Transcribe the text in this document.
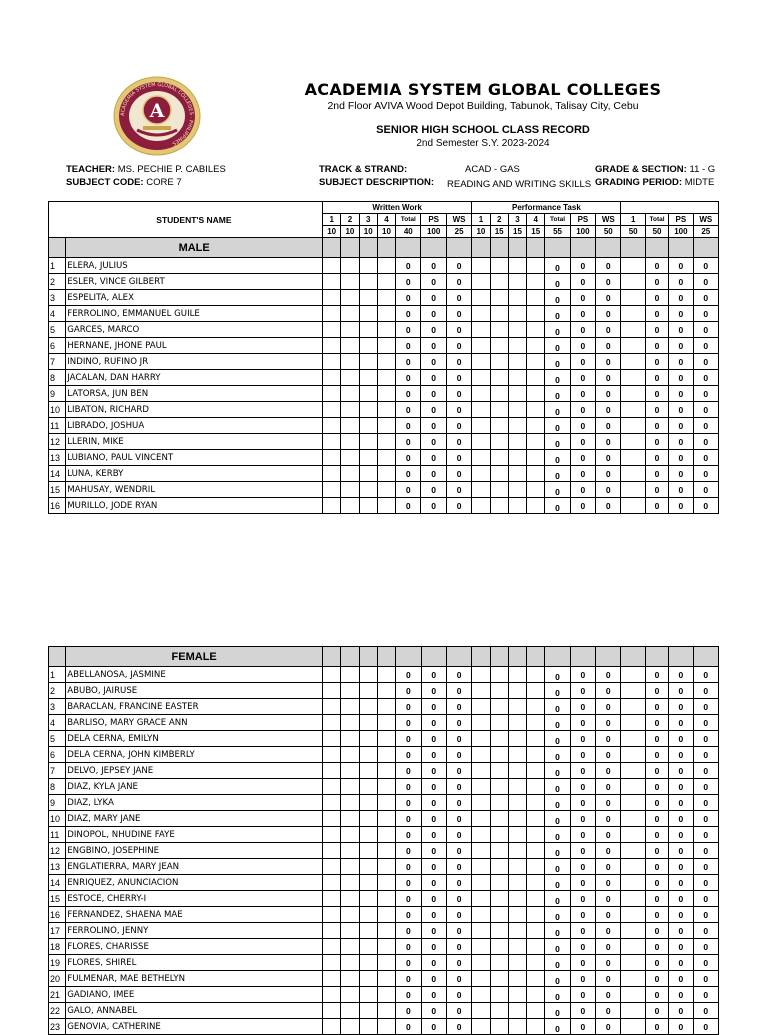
ACADEMIA SYSTEM GLOBAL COLLEGES · PHILIPPINES
A
ACADEMIA SYSTEM GLOBAL COLLEGES
2nd Floor AVIVA Wood Depot Building, Tabunok, Talisay City, Cebu
SENIOR HIGH SCHOOL CLASS RECORD
2nd Semester S.Y. 2023-2024
TEACHER: MS. PECHIE P. CABILES
SUBJECT CODE: CORE 7
TRACK & STRAND:	ACAD - GAS
SUBJECT DESCRIPTION: READING AND WRITING SKILLS
GRADE & SECTION: 11 - G
GRADING PERIOD: MIDTE
	STUDENT'S NAME	Written Work							Performance Task										
		1	2	3	4	Total	PS	WS	1	2	3	4	Total	PS	WS	1	Total	PS	WS
		10	10	10	10	40	100	25	10	15	15	15	55	100	50	50	50	100	25
	MALE																		
1	ELERA, JULIUS					0	0	0					0	0	0		0	0	0
2	ESLER, VINCE GILBERT					0	0	0					0	0	0		0	0	0
3	ESPELITA, ALEX					0	0	0					0	0	0		0	0	0
4	FERROLINO, EMMANUEL GUILE					0	0	0					0	0	0		0	0	0
5	GARCES, MARCO					0	0	0					0	0	0		0	0	0
6	HERNANE, JHONE PAUL					0	0	0					0	0	0		0	0	0
7	INDINO, RUFINO JR					0	0	0					0	0	0		0	0	0
8	JACALAN, DAN HARRY					0	0	0					0	0	0		0	0	0
9	LATORSA, JUN BEN					0	0	0					0	0	0		0	0	0
10	LIBATON, RICHARD					0	0	0					0	0	0		0	0	0
11	LIBRADO, JOSHUA					0	0	0					0	0	0		0	0	0
12	LLERIN, MIKE					0	0	0					0	0	0		0	0	0
13	LUBIANO, PAUL VINCENT					0	0	0					0	0	0		0	0	0
14	LUNA, KERBY					0	0	0					0	0	0		0	0	0
15	MAHUSAY, WENDRIL					0	0	0					0	0	0		0	0	0
16	MURILLO, JODE RYAN					0	0	0					0	0	0		0	0	0
	FEMALE																		
1	ABELLANOSA, JASMINE					0	0	0					0	0	0		0	0	0
2	ABUBO, JAIRUSE					0	0	0					0	0	0		0	0	0
3	BARACLAN, FRANCINE EASTER					0	0	0					0	0	0		0	0	0
4	BARLISO, MARY GRACE ANN					0	0	0					0	0	0		0	0	0
5	DELA CERNA, EMILYN					0	0	0					0	0	0		0	0	0
6	DELA CERNA, JOHN KIMBERLY					0	0	0					0	0	0		0	0	0
7	DELVO, JEPSEY JANE					0	0	0					0	0	0		0	0	0
8	DIAZ, KYLA JANE					0	0	0					0	0	0		0	0	0
9	DIAZ, LYKA					0	0	0					0	0	0		0	0	0
10	DIAZ, MARY JANE					0	0	0					0	0	0		0	0	0
11	DINOPOL, NHUDINE FAYE					0	0	0					0	0	0		0	0	0
12	ENGBINO, JOSEPHINE					0	0	0					0	0	0		0	0	0
13	ENGLATIERRA, MARY JEAN					0	0	0					0	0	0		0	0	0
14	ENRIQUEZ, ANUNCIACION					0	0	0					0	0	0		0	0	0
15	ESTOCE, CHERRY-I					0	0	0					0	0	0		0	0	0
16	FERNANDEZ, SHAENA MAE					0	0	0					0	0	0		0	0	0
17	FERROLINO, JENNY					0	0	0					0	0	0		0	0	0
18	FLORES, CHARISSE					0	0	0					0	0	0		0	0	0
19	FLORES, SHIREL					0	0	0					0	0	0		0	0	0
20	FULMENAR, MAE BETHELYN					0	0	0					0	0	0		0	0	0
21	GADIANO, IMEE					0	0	0					0	0	0		0	0	0
22	GALO, ANNABEL					0	0	0					0	0	0		0	0	0
23	GENOVIA, CATHERINE					0	0	0					0	0	0		0	0	0
